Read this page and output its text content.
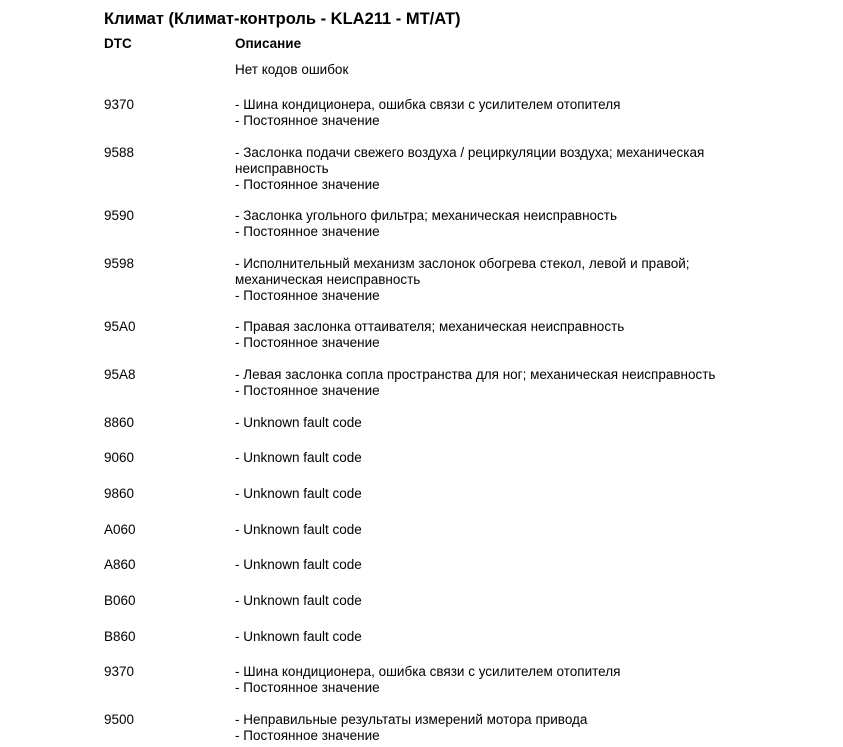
Климат (Климат-контроль - KLA211 - MT/AT)
DTC	Описание
Нет кодов ошибок
9370	- Шина кондиционера, ошибка связи с усилителем отопителя
- Постоянное значение
9588	- Заслонка подачи свежего воздуха / рециркуляции воздуха; механическая
неисправность
- Постоянное значение
9590	- Заслонка угольного фильтра; механическая неисправность
- Постоянное значение
9598	- Исполнительный механизм заслонок обогрева стекол, левой и правой;
механическая неисправность
- Постоянное значение
95A0	- Правая заслонка оттаивателя; механическая неисправность
- Постоянное значение
95A8	- Левая заслонка сопла пространства для ног; механическая неисправность
- Постоянное значение
8860	- Unknown fault code
9060	- Unknown fault code
9860	- Unknown fault code
A060	- Unknown fault code
A860	- Unknown fault code
B060	- Unknown fault code
B860	- Unknown fault code
9370	- Шина кондиционера, ошибка связи с усилителем отопителя
- Постоянное значение
9500	- Неправильные результаты измерений мотора привода
- Постоянное значение
